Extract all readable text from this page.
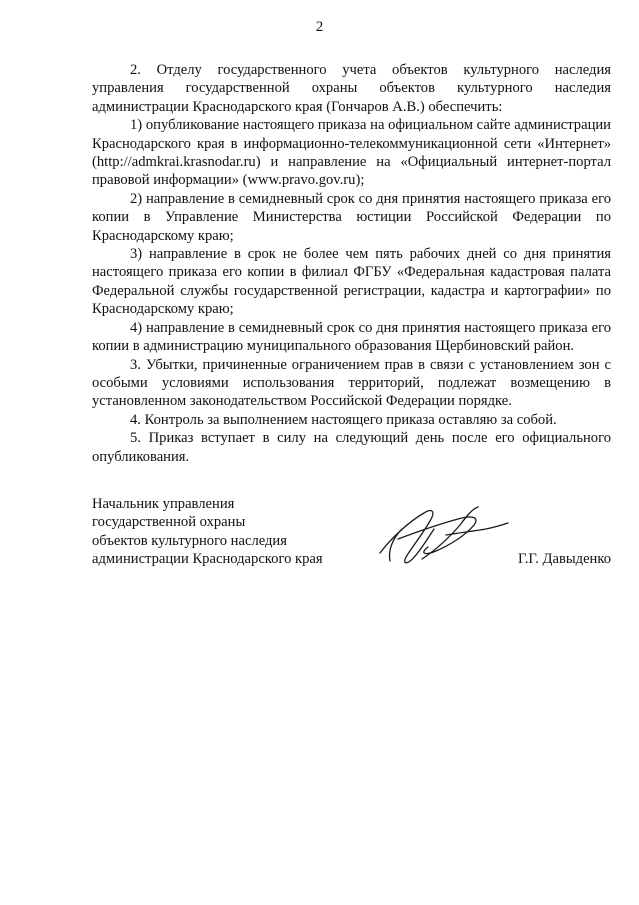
2

2. Отделу государственного учета объектов культурного наследия управления государственной охраны объектов культурного наследия администрации Краснодарского края (Гончаров А.В.) обеспечить:

1) опубликование настоящего приказа на официальном сайте администрации Краснодарского края в информационно-телекоммуникационной сети «Интернет» (http://admkrai.krasnodar.ru) и направление на «Официальный интернет-портал правовой информации» (www.pravo.gov.ru);

2) направление в семидневный срок со дня принятия настоящего приказа его копии в Управление Министерства юстиции Российской Федерации по Краснодарскому краю;

3) направление в срок не более чем пять рабочих дней со дня принятия настоящего приказа его копии в филиал ФГБУ «Федеральная кадастровая палата Федеральной службы государственной регистрации, кадастра и картографии» по Краснодарскому краю;

4) направление в семидневный срок со дня принятия настоящего приказа его копии в администрацию муниципального образования Щербиновский район.

3. Убытки, причиненные ограничением прав в связи с установлением зон с особыми условиями использования территорий, подлежат возмещению в установленном законодательством Российской Федерации порядке.

4. Контроль за выполнением настоящего приказа оставляю за собой.

5. Приказ вступает в силу на следующий день после его официального опубликования.

Начальник управления
государственной охраны
объектов культурного наследия
администрации Краснодарского края	Г.Г. Давыденко
